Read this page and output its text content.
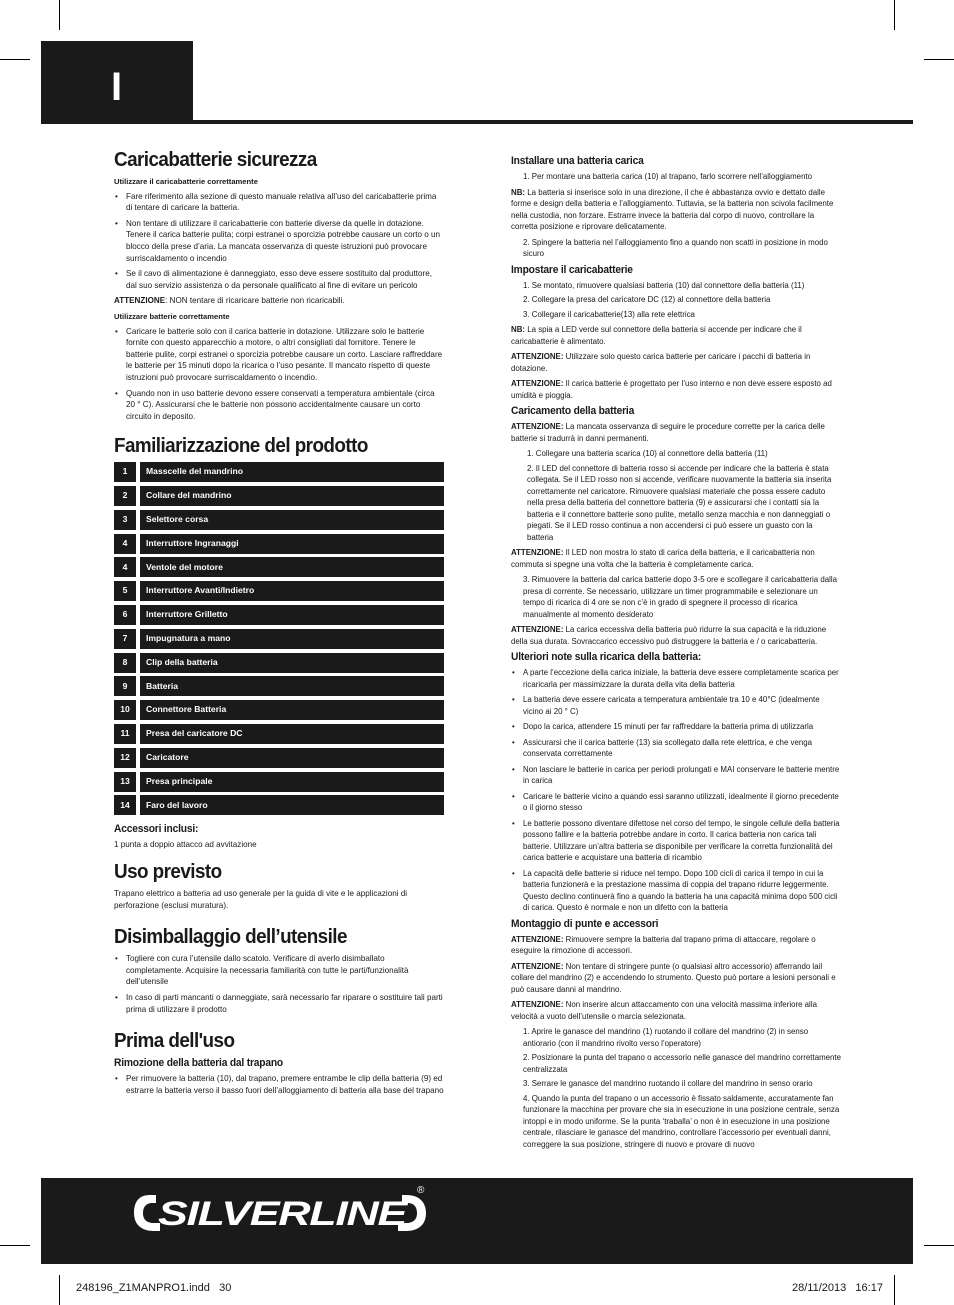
I
Caricabatterie sicurezza
Utilizzare il caricabatterie correttamente
• Fare riferimento alla sezione di questo manuale relativa all’uso del caricabatterie prima di tentare di caricare la batteria.
• Non tentare di utilizzare il caricabatterie con batterie diverse da quelle in dotazione. Tenere il carica batterie pulita; corpi estranei o sporcizia potrebbe causare un corto o un blocco della prese d’aria. La mancata osservanza di queste istruzioni può provocare surriscaldamento o incendio
• Se il cavo di alimentazione è danneggiato, esso deve essere sostituito dal produttore, dal suo servizio assistenza o da personale qualificato al fine di evitare un pericolo

ATTENZIONE: NON tentare di ricaricare batterie non ricaricabili.

Utilizzare batterie correttamente
• Caricare le batterie solo con il carica batterie in dotazione. Utilizzare solo le batterie fornite con questo apparecchio a motore, o altri consigliati dal fornitore. Tenere le batterie pulite, corpi estranei o sporcizia potrebbe causare un corto. Lasciare raffreddare le batterie per 15 minuti dopo la ricarica o l’uso pesante. Il mancato rispetto di queste istruzioni può provocare surriscaldamento o incendio.
• Quando non in uso batterie devono essere conservati a temperatura ambientale (circa 20 ° C). Assicurarsi che le batterie non possono accidentalmente causare un corto circuito in deposito.
Familiarizzazione del prodotto
1	Masscelle del mandrino
2	Collare del mandrino
3	Selettore corsa
4	Interruttore Ingranaggi
4	Ventole del motore
5	Interruttore Avanti/Indietro
6	Interruttore Grilletto
7	Impugnatura a mano
8	Clip della batteria
9	Batteria
10	Connettore Batteria
11	Presa del caricatore DC
12	Caricatore
13	Presa principale
14	Faro del lavoro
Accessori inclusi:

1 punta a doppio attacco ad avvitazione

Uso previsto

Trapano elettrico a batteria ad uso generale per la guida di vite e le applicazioni di perforazione (esclusi muratura).

Disimballaggio dell’utensile
• Togliere con cura l’utensile dallo scatolo. Verificare di averlo disimballato completamente. Acquisire la necessaria familiarità con tutte le parti/funzionalità dell’utensile
• In caso di parti mancanti o danneggiate, sarà necessario far riparare o sostituire tali parti prima di utilizzare il prodotto
Prima dell'uso
Rimozione della batteria dal trapano
• Per rimuovere la batteria (10), dal trapano, premere entrambe le clip della batteria (9) ed estrarre la batteria verso il basso fuori dell’alloggiamento di batteria alla base del trapano
Installare una batteria carica

1. Per montare una batteria carica (10) al trapano, farlo scorrere nell’alloggiamento

NB: La batteria si inserisce solo in una direzione, il che è abbastanza ovvio e dettato dalle forme e design della batteria e l’alloggiamento. Tuttavia, se la batteria non scivola facilmente nella custodia, non forzare. Estrarre invece la batteria dal corpo di nuovo, controllare la corretta posizione e riprovare delicatamente.

2. Spingere la batteria nel l’alloggiamento fino a quando non scatti in posizione in modo sicuro

Impostare il caricabatterie

1. Se montato, rimuovere qualsiasi batteria (10) dal connettore della batteria (11)

2. Collegare la presa del caricatore DC (12) al connettore della batteria

3. Collegare il caricabatterie(13) alla rete elettrica

NB: La spia a LED verde sul connettore della batteria si accende per indicare che il caricabatterie è alimentato.

ATTENZIONE: Utilizzare solo questo carica batterie per caricare i pacchi di batteria in dotazione.

ATTENZIONE: Il carica batterie è progettato per l’uso interno e non deve essere esposto ad umidità e pioggia.

Caricamento della batteria

ATTENZIONE: La mancata osservanza di seguire le procedure corrette per la carica delle batterie si tradurrà in danni permanenti.

1. Collegare una batteria scarica (10) al connettore della batteria (11)

2. Il LED del connettore di batteria rosso si accende per indicare che la batteria è stata collegata. Se il LED rosso non si accende, verificare nuovamente la batteria sia inserita correttamente nel caricatore. Rimuovere qualsiasi materiale che possa essere caduto nella presa della batteria del connettore batteria (9) e assicurarsi che i contatti sia la batteria e il connettore batterie sono pulite, metallo senza macchia e non danneggiati o piegati. Se il LED rosso continua a non accendersi ci può essere un guasto con la batteria

ATTENZIONE: Il LED non mostra lo stato di carica della batteria, e il caricabatteria non commuta si spegne una volta che la batteria è completamente carica.

3. Rimuovere la batteria dal carica batterie dopo 3-5 ore e scollegare il caricabatteria dalla presa di corrente. Se necessario, utilizzare un timer programmabile e selezionare un tempo di ricarica di 4 ore se non c’è in grado di spegnere il processo di ricarica manualmente al momento desiderato

ATTENZIONE: La carica eccessiva della batteria può ridurre la sua capacità e la riduzione della sua durata. Sovraccarico eccessivo può distruggere la batteria e / o caricabatteria.

Ulteriori note sulla ricarica della batteria:
• A parte l’eccezione della carica iniziale, la batteria deve essere completamente scarica per ricaricarla per massimizzare la durata della vita della batteria
• La batteria deve essere caricata a temperatura ambientale tra 10 e 40°C (idealmente vicino ai 20 ° C)
• Dopo la carica, attendere 15 minuti per far raffreddare la batteria prima di utilizzarla
• Assicurarsi che il carica batterie (13) sia scollegato dalla rete elettrica, e che venga conservata correttamente
• Non lasciare le batterie in carica per periodi prolungati e MAI conservare le batterie mentre in carica
• Caricare le batterie vicino a quando essi saranno utilizzati, idealmente il giorno precedente o il giorno stesso
• Le batterie possono diventare difettose nel corso del tempo, le singole cellule della batteria possono fallire e la batteria potrebbe andare in corto. Il carica batteria non carica tali batterie. Utilizzare un’altra batteria se disponibile per verificare la corretta funzionalità del carica batterie e acquistare una batteria di ricambio
• La capacità delle batterie si riduce nel tempo. Dopo 100 cicli di carica il tempo in cui la batteria funzionerà e la prestazione massima di coppia del trapano ridurre leggermente. Questo declino continuerà fino a quando la batteria ha una capacità minima dopo 500 cicli di carica. Questo è normale e non un difetto con la batteria
Montaggio di punte e accessori

ATTENZIONE: Rimuovere sempre la batteria dal trapano prima di attaccare, regolare o eseguire la rimozione di accessori.

ATTENZIONE: Non tentare di stringere punte (o qualsiasi altro accessorio) afferrando lail collare del mandrino (2) e accendendo lo strumento. Questo può portare a lesioni personali e può causare danni al mandrino.

ATTENZIONE: Non inserire alcun attaccamento con una velocità massima inferiore alla velocità a vuoto dell’utensile o marcia selezionata.

1. Aprire le ganasce del mandrino (1) ruotando il collare del mandrino (2) in senso antiorario (con il mandrino rivolto verso l’operatore)

2. Posizionare la punta del trapano o accessorio nelle ganasce del mandrino correttamente centralizzata

3. Serrare le ganasce del mandrino ruotando il collare del mandrino in senso orario

4. Quando la punta del trapano o un accessorio è fissato saldamente, accuratamente fan funzionare la macchina per provare che sia in esecuzione in una posizione centrale, senza intoppi e in modo uniforme. Se la punta ‘traballa’ o non è in esecuzione in una posizione centrale, rilasciare le ganasce del mandrino, controllare l’accessorio per eventuali danni, correggere la sua posizione, stringere di nuovo e provare di nuovo

SILVERLINE
®
248196_Z1MANPRO1.indd   30	28/11/2013   16:17
